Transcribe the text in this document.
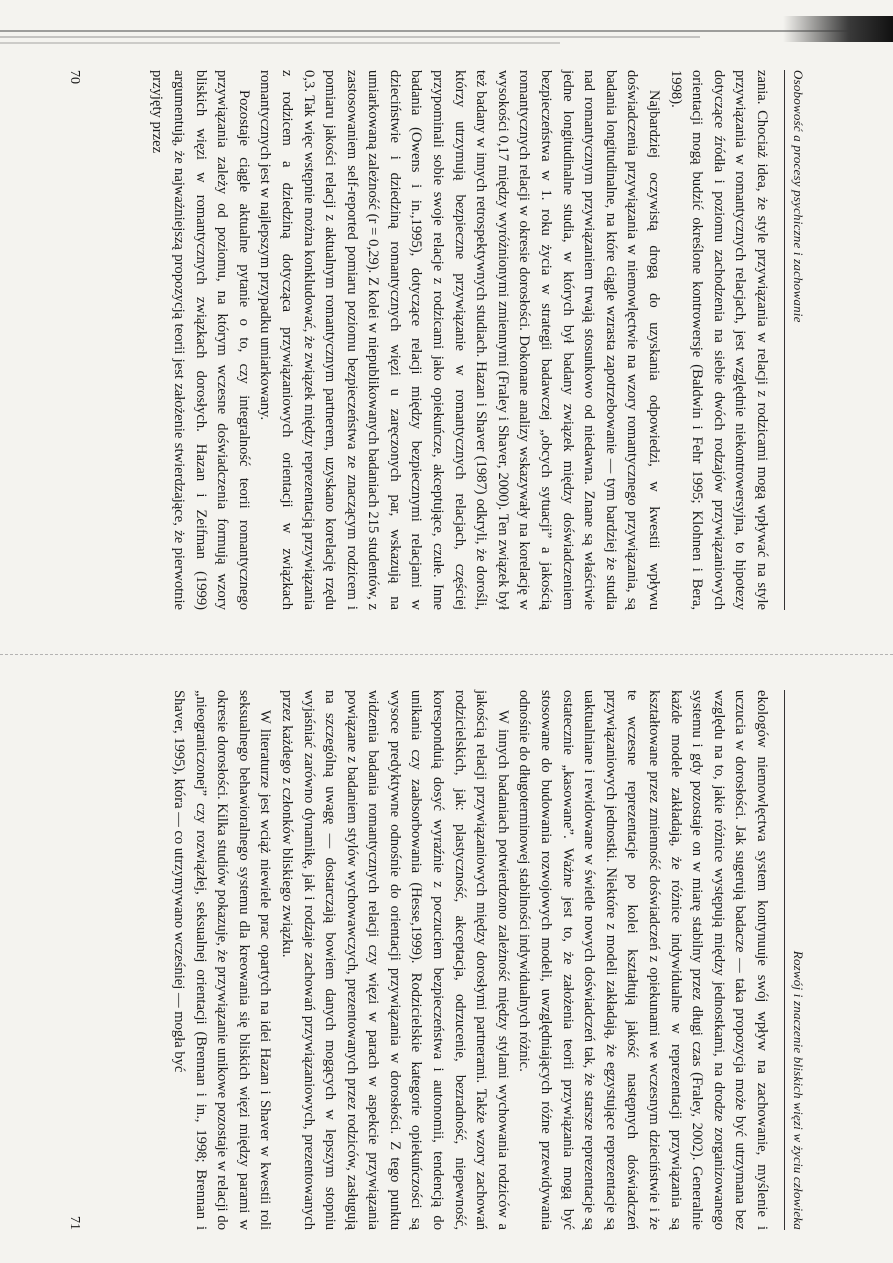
Osobowość a procesy psychiczne i zachowanie

zania. Chociaż idea, że style przywiązania w relacji z rodzicami mogą wpływać na style przywiązania w romantycznych relacjach, jest względnie niekontrowersyjna, to hipotezy dotyczące źródła i poziomu zachodzenia na siebie dwóch rodzajów przywiązaniowych orientacji mogą budzić określone kontrowersje (Baldwin i Fehr 1995; Klohnen i Bera, 1998).

Najbardziej oczywistą drogą do uzyskania odpowiedzi, w kwestii wpływu doświadczenia przywiązania w niemowlęctwie na wzory romantycznego przywiązania, są badania longitudinalne, na które ciągle wzrasta zapotrzebowanie — tym bardziej że studia nad romantycznym przywiązaniem trwają stosunkowo od niedawna. Znane są właściwie jedne longitudinalne studia, w których był badany związek między doświadczeniem bezpieczeństwa w 1. roku życia w strategii badawczej „obcych sytuacji” a jakością romantycznych relacji w okresie dorosłości. Dokonane analizy wskazywały na korelację w wysokości 0,17 między wyróżnionymi zmiennymi (Fraley i Shaver, 2000). Ten związek był też badany w innych retrospektywnych studiach. Hazan i Shaver (1987) odkryli, że dorośli, którzy utrzymują bezpieczne przywiązanie w romantycznych relacjach, częściej przypominali sobie swoje relacje z rodzicami jako opiekuńcze, akceptujące, czułe. Inne badania (Owens i in.,1995), dotyczące relacji między bezpiecznymi relacjami w dzieciństwie i dziedziną romantycznych więzi u zaręczonych par, wskazują na umiarkowaną zależność (r = 0,29). Z kolei w niepublikowanych badaniach 215 studentów, z zastosowaniem self-reported pomiaru poziomu bezpieczeństwa ze znaczącym rodzicem i pomiaru jakości relacji z aktualnym romantycznym partnerem, uzyskano korelację rzędu 0,3. Tak więc wstępnie można konkludować, że związek między reprezentacją przywiązania z rodzicem a dziedziną dotycząca przywiązaniowych orientacji w związkach romantycznych jest w najlepszym przypadku umiarkowany.

Pozostaje ciągle aktualne pytanie o to, czy integralność teorii romantycznego przywiązania zależy od poziomu, na którym wczesne doświadczenia formują wzory bliskich więzi w romantycznych związkach dorosłych. Hazan i Zeifman (1999) argumentują, że najważniejszą propozycją teorii jest założenie stwierdzające, że pierwotnie przyjęty przez

70
Rozwój i znaczenie bliskich więzi w życiu człowieka

ekologów niemowlęctwa system kontynuuje swój wpływ na zachowanie, myślenie i uczucia w dorosłości. Jak sugerują badacze — taka propozycja może być utrzymana bez względu na to, jakie różnice występują między jednostkami, na drodze zorganizowanego systemu i gdy pozostaje on w miarę stabilny przez długi czas (Fraley, 2002). Generalnie każde modele zakładają, że różnice indywidualne w reprezentacji przywiązania są kształtowane przez zmienność doświadczeń z opiekunami we wczesnym dzieciństwie i że te wczesne reprezentacje po kolei kształtują jakość następnych doświadczeń przywiązaniowych jednostki. Niektóre z modeli zakładają, że egzystujące reprezentacje są uaktualniane i rewidowane w świetle nowych doświadczeń tak, że starsze reprezentacje są ostatecznie „kasowane”. Ważne jest to, że założenia teorii przywiązania mogą być stosowane do budowania rozwojowych modeli, uwzględniających różne przewidywania odnośnie do długoterminowej stabilności indywidualnych różnic.

W innych badaniach potwierdzono zależność między stylami wychowania rodziców a jakością relacji przywiązaniowych między dorosłymi partnerami. Także wzory zachowań rodzicielskich, jak: plastyczność, akceptacja, odrzucenie, bezradność, niepewność, koresponduią dosyć wyraźnie z poczuciem bezpieczeństwa i autonomii, tendencją do unikania czy zaabsorbowania (Hesse,1999). Rodzicielskie kategorie opiekuńczości są wysoce predyktywne odnośnie do orientacji przywiązania w dorosłości. Z tego punktu widzenia badania romantycznych relacji czy więzi w parach w aspekcie przywiązania powiązane z badaniem stylów wychowawczych, prezentowanych przez rodziców, zasługują na szczególną uwagę — dostarczają bowiem danych mogących w lepszym stopniu wyjaśniać zarówno dynamikę, jak i rodzaje zachowań przywiązaniowych, prezentowanych przez każdego z członków bliskiego związku.

W literaturze jest wciąż niewiele prac opartych na idei Hazan i Shaver w kwestii roli seksualnego behawioralnego systemu dla kreowania się bliskich więzi między parami w okresie dorosłości. Kilka studiów pokazuje, że przywiązanie unikowe pozostaje w relacji do „nieograniczonej” czy rozwiązłej, seksualnej orientacji (Brennan i in., 1998; Brennan i Shaver, 1995), która — co utrzymywano wcześniej — mogła być

71
